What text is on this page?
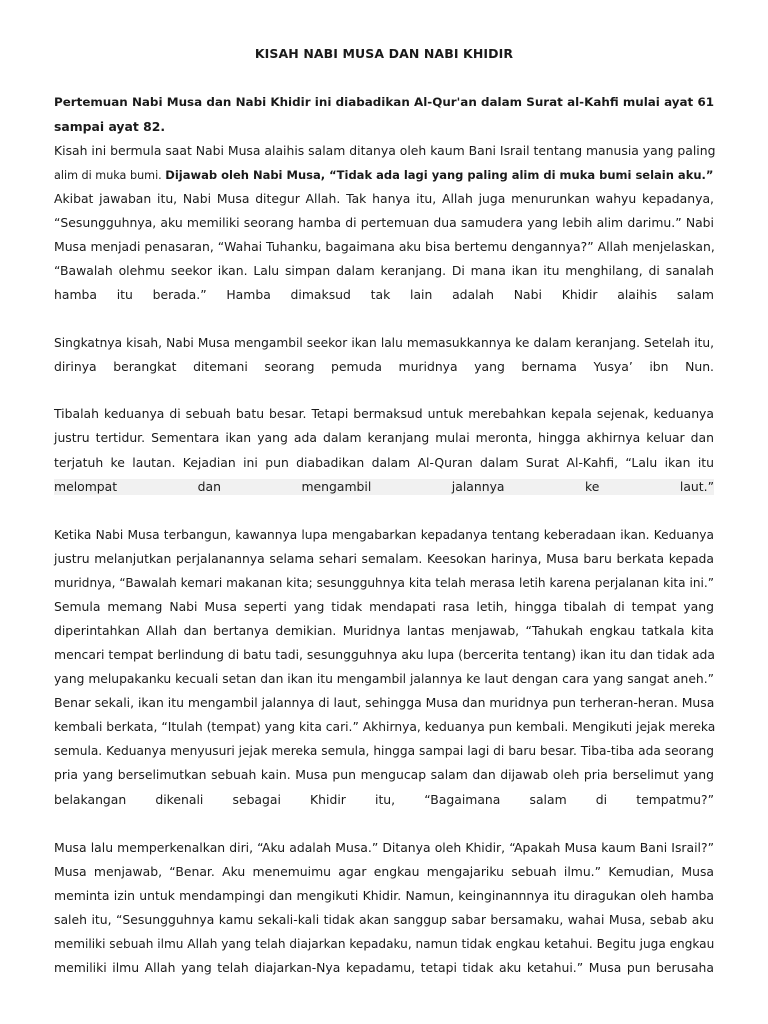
KISAH NABI MUSA DAN NABI KHIDIR
Pertemuan Nabi Musa dan Nabi Khidir ini diabadikan Al-Qur'an dalam Surat al-Kahfi mulai ayat 61
sampai ayat 82.
Kisah ini bermula saat Nabi Musa alaihis salam ditanya oleh kaum Bani Israil tentang manusia yang paling
alim di muka bumi. Dijawab oleh Nabi Musa, “Tidak ada lagi yang paling alim di muka bumi selain aku.”
Akibat jawaban itu, Nabi Musa ditegur Allah. Tak hanya itu, Allah juga menurunkan wahyu kepadanya,
“Sesungguhnya, aku memiliki seorang hamba di pertemuan dua samudera yang lebih alim darimu.” Nabi
Musa menjadi penasaran, “Wahai Tuhanku, bagaimana aku bisa bertemu dengannya?” Allah menjelaskan,
“Bawalah olehmu seekor ikan. Lalu simpan dalam keranjang. Di mana ikan itu menghilang, di sanalah
hamba itu berada.” Hamba dimaksud tak lain adalah Nabi Khidir alaihis salam
Singkatnya kisah, Nabi Musa mengambil seekor ikan lalu memasukkannya ke dalam keranjang. Setelah itu,
dirinya berangkat ditemani seorang pemuda muridnya yang bernama Yusya’ ibn Nun.
Tibalah keduanya di sebuah batu besar. Tetapi bermaksud untuk merebahkan kepala sejenak, keduanya
justru tertidur. Sementara ikan yang ada dalam keranjang mulai meronta, hingga akhirnya keluar dan
terjatuh ke lautan. Kejadian ini pun diabadikan dalam Al-Quran dalam Surat Al-Kahfi, “Lalu ikan itu
melompat dan mengambil jalannya ke laut.”
Ketika Nabi Musa terbangun, kawannya lupa mengabarkan kepadanya tentang keberadaan ikan. Keduanya
justru melanjutkan perjalanannya selama sehari semalam. Keesokan harinya, Musa baru berkata kepada
muridnya, “Bawalah kemari makanan kita; sesungguhnya kita telah merasa letih karena perjalanan kita ini.”
Semula memang Nabi Musa seperti yang tidak mendapati rasa letih, hingga tibalah di tempat yang
diperintahkan Allah dan bertanya demikian. Muridnya lantas menjawab, “Tahukah engkau tatkala kita
mencari tempat berlindung di batu tadi, sesungguhnya aku lupa (bercerita tentang) ikan itu dan tidak ada
yang melupakanku kecuali setan dan ikan itu mengambil jalannya ke laut dengan cara yang sangat aneh.”
Benar sekali, ikan itu mengambil jalannya di laut, sehingga Musa dan muridnya pun terheran-heran. Musa
kembali berkata, “Itulah (tempat) yang kita cari.” Akhirnya, keduanya pun kembali. Mengikuti jejak mereka
semula. Keduanya menyusuri jejak mereka semula, hingga sampai lagi di baru besar. Tiba-tiba ada seorang
pria yang berselimutkan sebuah kain. Musa pun mengucap salam dan dijawab oleh pria berselimut yang
belakangan dikenali sebagai Khidir itu, “Bagaimana salam di tempatmu?”
Musa lalu memperkenalkan diri, “Aku adalah Musa.” Ditanya oleh Khidir, “Apakah Musa kaum Bani Israil?”
Musa menjawab, “Benar. Aku menemuimu agar engkau mengajariku sebuah ilmu.” Kemudian, Musa
meminta izin untuk mendampingi dan mengikuti Khidir. Namun, keinginannnya itu diragukan oleh hamba
saleh itu, “Sesungguhnya kamu sekali-kali tidak akan sanggup sabar bersamaku, wahai Musa, sebab aku
memiliki sebuah ilmu Allah yang telah diajarkan kepadaku, namun tidak engkau ketahui. Begitu juga engkau
memiliki ilmu Allah yang telah diajarkan-Nya kepadamu, tetapi tidak aku ketahui.” Musa pun berusaha
